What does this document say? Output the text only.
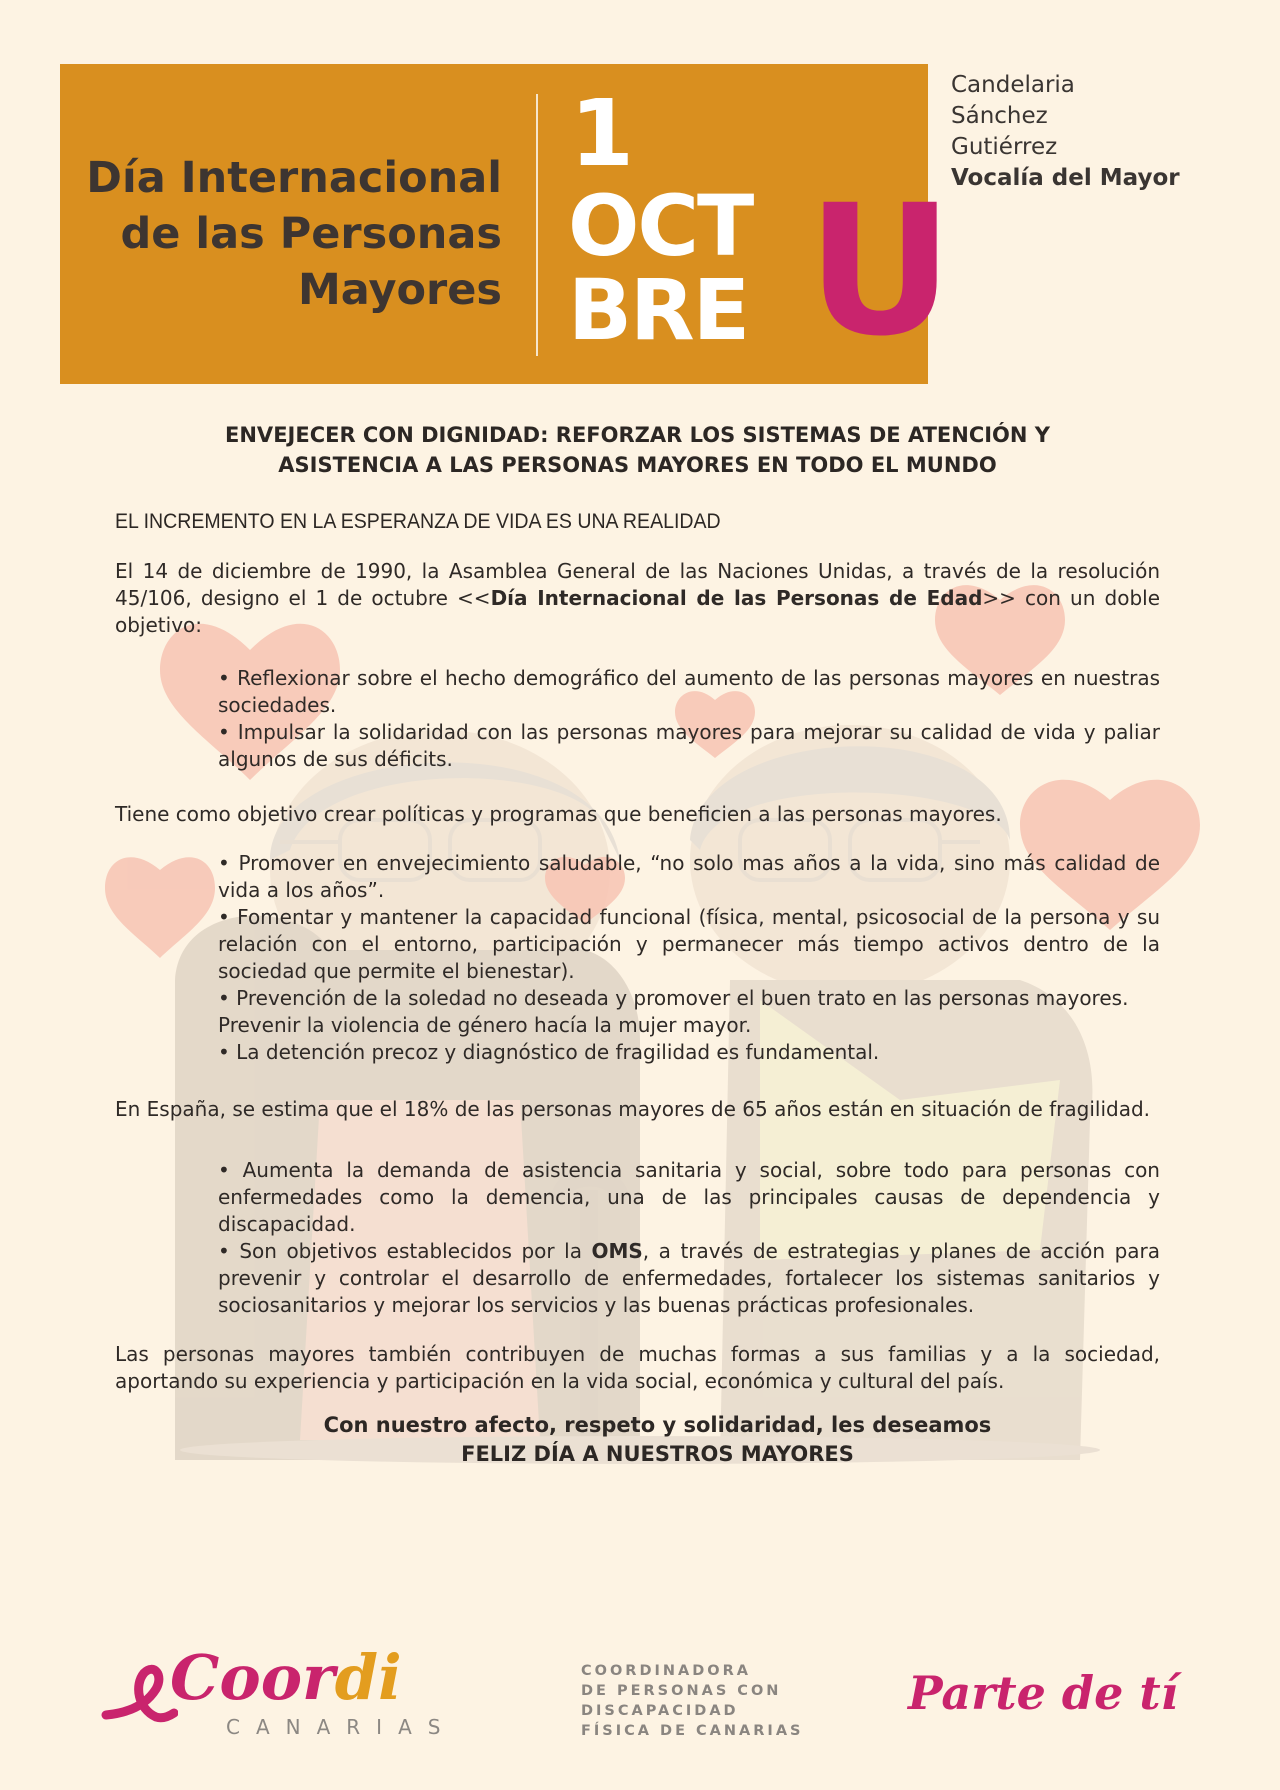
Día Internacional
de las Personas
Mayores
1
OCT
BRE U
Candelaria
Sánchez
Gutiérrez
Vocalía del Mayor
ENVEJECER CON DIGNIDAD: REFORZAR LOS SISTEMAS DE ATENCIÓN Y
ASISTENCIA A LAS PERSONAS MAYORES EN TODO EL MUNDO
EL INCREMENTO EN LA ESPERANZA DE VIDA ES UNA REALIDAD

El 14 de diciembre de 1990, la Asamblea General de las Naciones Unidas, a través de la resolución 45/106, designo el 1 de octubre <<Día Internacional de las Personas de Edad>> con un doble objetivo:

• Reflexionar sobre el hecho demográfico del aumento de las personas mayores en nuestras sociedades.

• Impulsar la solidaridad con las personas mayores para mejorar su calidad de vida y paliar algunos de sus déficits.

Tiene como objetivo crear políticas y programas que beneficien a las personas mayores.

• Promover en envejecimiento saludable, “no solo mas años a la vida, sino más calidad de vida a los años”.

• Fomentar y mantener la capacidad funcional (física, mental, psicosocial de la persona y su relación con el entorno, participación y permanecer más tiempo activos dentro de la sociedad que permite el bienestar).

• Prevención de la soledad no deseada y promover el buen trato en las personas mayores.

Prevenir la violencia de género hacía la mujer mayor.

• La detención precoz y diagnóstico de fragilidad es fundamental.

En España, se estima que el 18% de las personas mayores de 65 años están en situación de fragilidad.

• Aumenta la demanda de asistencia sanitaria y social, sobre todo para personas con enfermedades como la demencia, una de las principales causas de dependencia y discapacidad.

• Son objetivos establecidos por la OMS, a través de estrategias y planes de acción para prevenir y controlar el desarrollo de enfermedades, fortalecer los sistemas sanitarios y sociosanitarios y mejorar los servicios y las buenas prácticas profesionales.

Las personas mayores también contribuyen de muchas formas a sus familias y a la sociedad, aportando su experiencia y participación en la vida social, económica y cultural del país.

Con nuestro afecto, respeto y solidaridad, les deseamos
FELIZ DÍA A NUESTROS MAYORES
Coordi
CANARIAS
COORDINADORA
DE PERSONAS CON
DISCAPACIDAD
FÍSICA DE CANARIAS
Parte de tí
